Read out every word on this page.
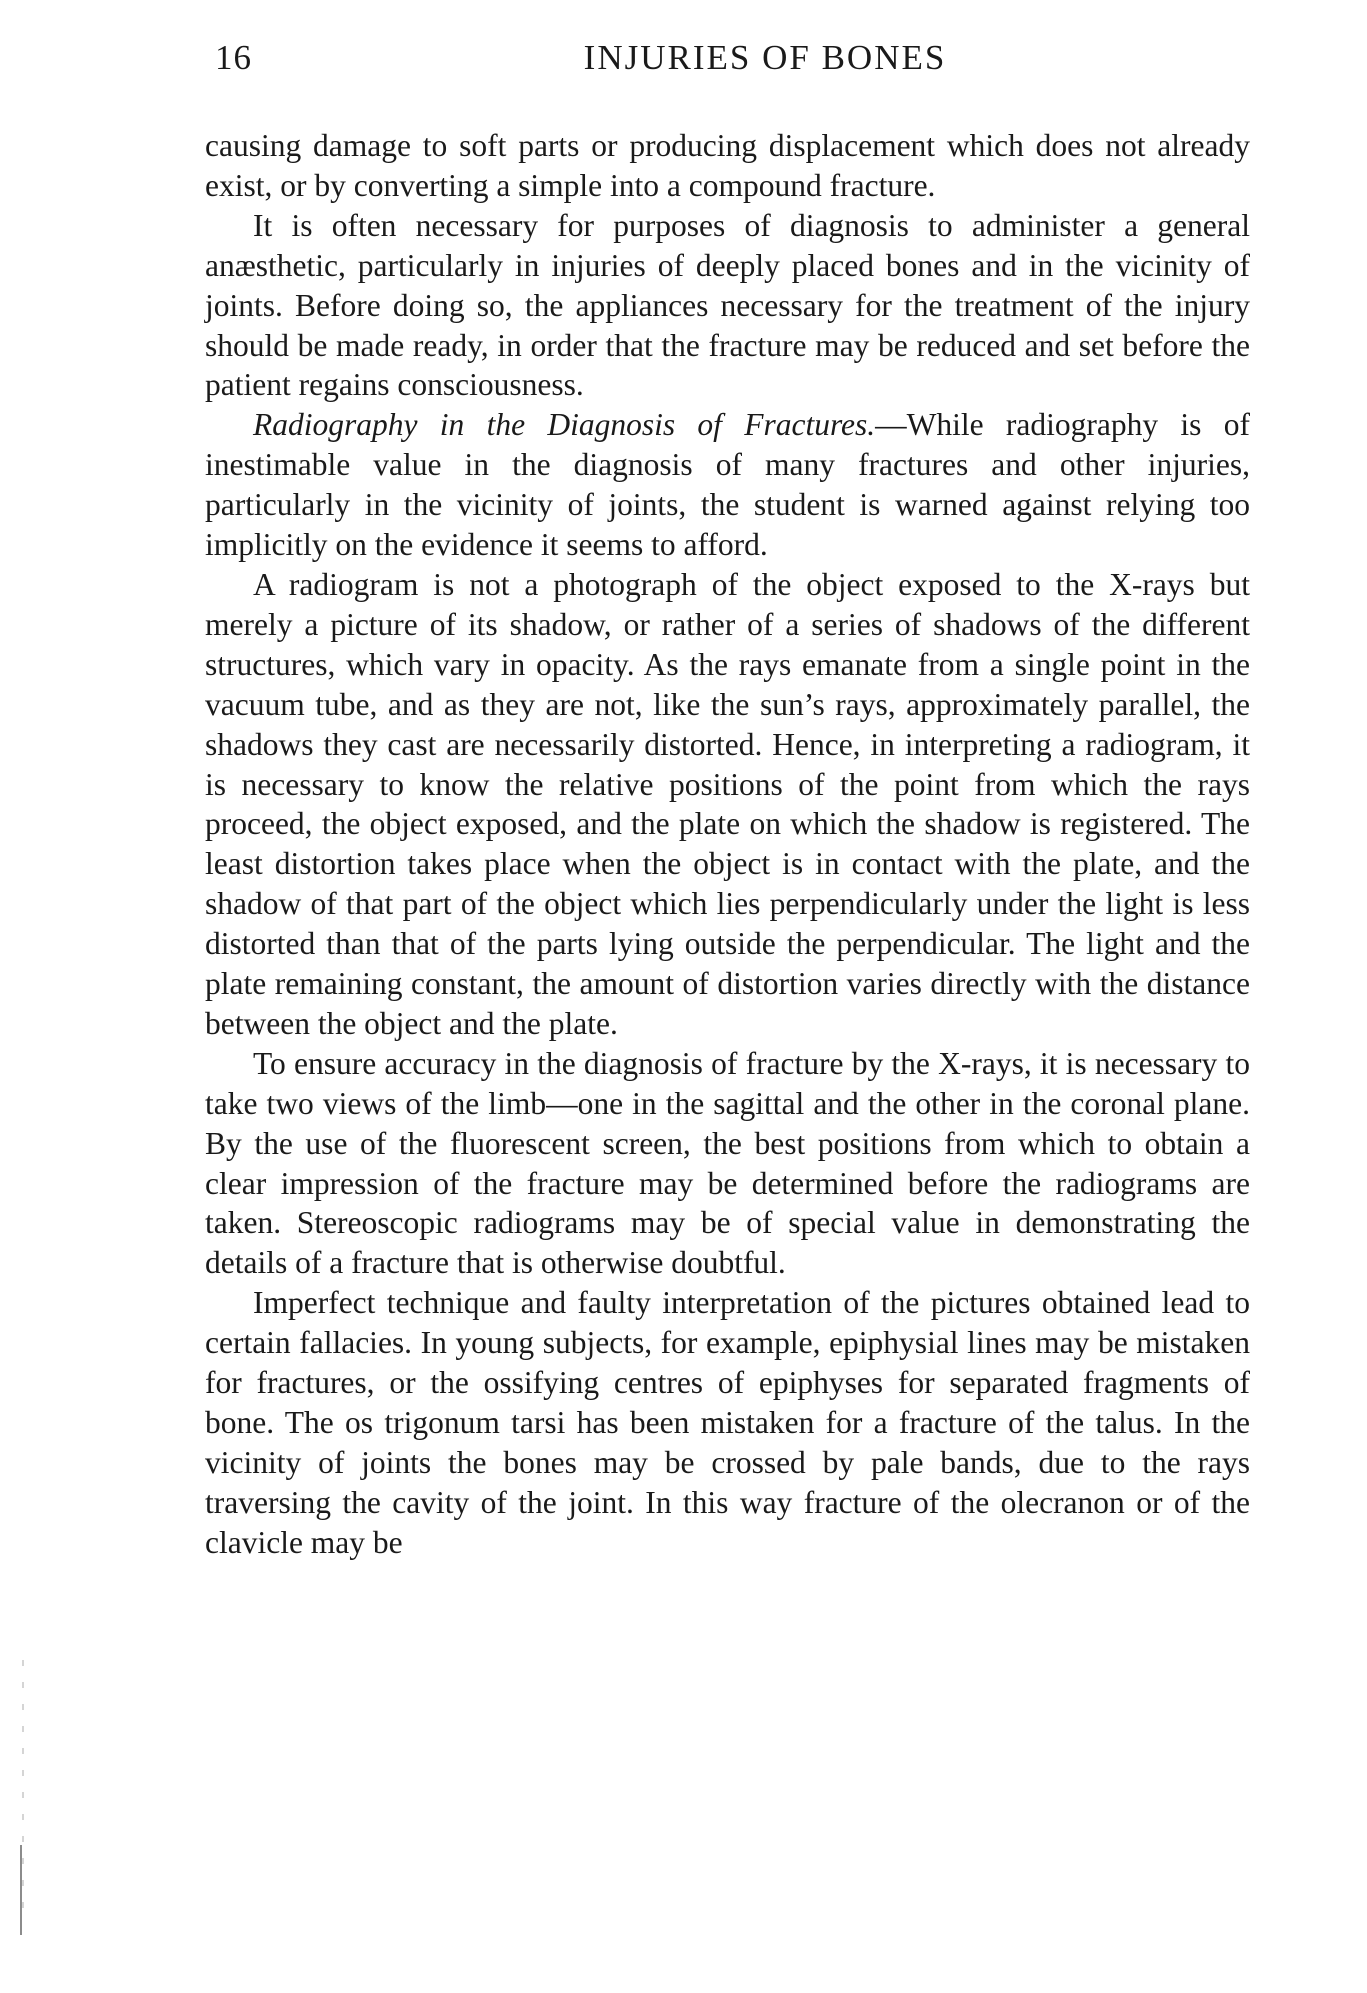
16	INJURIES OF BONES

causing damage to soft parts or producing displacement which does not already exist, or by converting a simple into a compound fracture.

It is often necessary for purposes of diagnosis to administer a general anæsthetic, particularly in injuries of deeply placed bones and in the vicinity of joints. Before doing so, the appliances necessary for the treatment of the injury should be made ready, in order that the fracture may be reduced and set before the patient regains consciousness.

Radiography in the Diagnosis of Fractures.—While radiography is of inestimable value in the diagnosis of many fractures and other injuries, particularly in the vicinity of joints, the student is warned against relying too implicitly on the evidence it seems to afford.

A radiogram is not a photograph of the object exposed to the X-rays but merely a picture of its shadow, or rather of a series of shadows of the different structures, which vary in opacity. As the rays emanate from a single point in the vacuum tube, and as they are not, like the sun’s rays, approximately parallel, the shadows they cast are necessarily distorted. Hence, in interpreting a radiogram, it is necessary to know the relative positions of the point from which the rays proceed, the object exposed, and the plate on which the shadow is registered. The least distortion takes place when the object is in contact with the plate, and the shadow of that part of the object which lies perpendicularly under the light is less distorted than that of the parts lying outside the perpendicular. The light and the plate remaining constant, the amount of distortion varies directly with the distance between the object and the plate.

To ensure accuracy in the diagnosis of fracture by the X-rays, it is necessary to take two views of the limb—one in the sagittal and the other in the coronal plane. By the use of the fluorescent screen, the best positions from which to obtain a clear impression of the fracture may be determined before the radiograms are taken. Stereoscopic radiograms may be of special value in demonstrating the details of a fracture that is otherwise doubtful.

Imperfect technique and faulty interpretation of the pictures obtained lead to certain fallacies. In young subjects, for example, epiphysial lines may be mistaken for fractures, or the ossifying centres of epiphyses for separated fragments of bone. The os trigonum tarsi has been mistaken for a fracture of the talus. In the vicinity of joints the bones may be crossed by pale bands, due to the rays traversing the cavity of the joint. In this way fracture of the olecranon or of the clavicle may be
